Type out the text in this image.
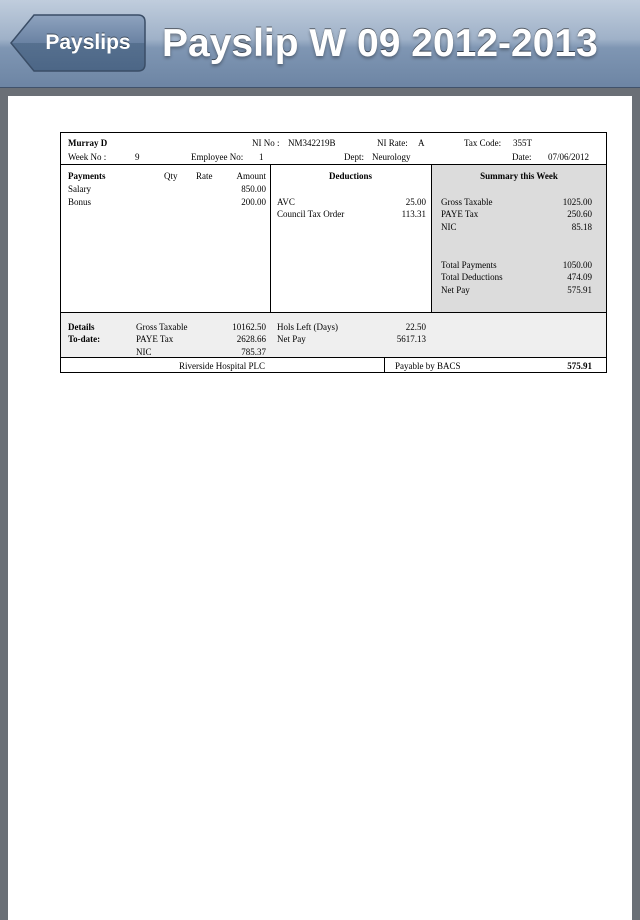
Payslips Payslip W 09 2012-2013
Murray D	NI No : NM342219B	NI Rate: A	Tax Code: 355T
Week No :	9	Employee No: 1	Dept: Neurology	Date: 07/06/2012
Payments	Qty Rate	Amount
Salary	850.00
Bonus	200.00
Deductions
AVC	25.00
Council Tax Order	113.31
Summary this Week
Gross Taxable	1025.00
PAYE Tax	250.60
NIC	85.18
Total Payments	1050.00
Total Deductions	474.09
Net Pay	575.91
Details
To-date:
Gross Taxable	10162.50
PAYE Tax	2628.66
NIC	785.37
Hols Left (Days)	22.50
Net Pay	5617.13
Riverside Hospital PLC	Payable by BACS	575.91
